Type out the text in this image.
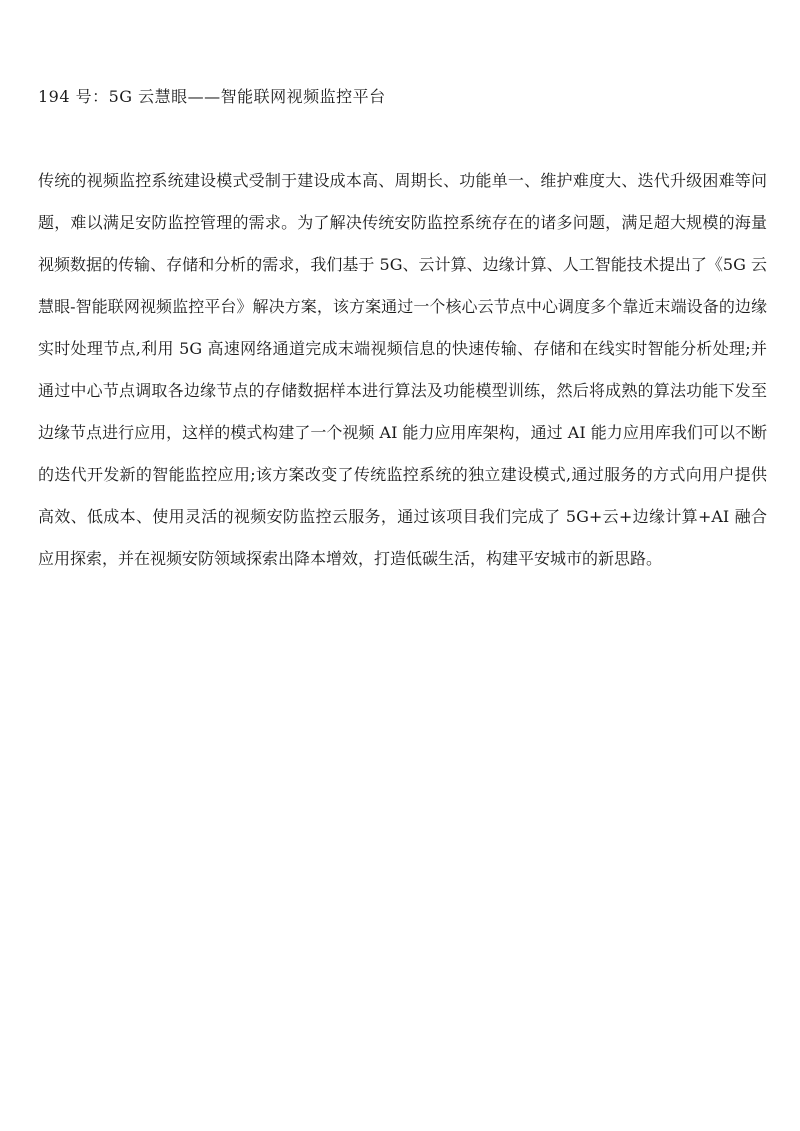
194 号：5G 云慧眼——智能联网视频监控平台

传统的视频监控系统建设模式受制于建设成本高、周期长、功能单一、维护难度大、迭代升级困难等问题，难以满足安防监控管理的需求。为了解决传统安防监控系统存在的诸多问题，满足超大规模的海量视频数据的传输、存储和分析的需求，我们基于 5G、云计算、边缘计算、人工智能技术提出了《5G 云慧眼-智能联网视频监控平台》解决方案，该方案通过一个核心云节点中心调度多个靠近末端设备的边缘实时处理节点,利用 5G 高速网络通道完成末端视频信息的快速传输、存储和在线实时智能分析处理;并通过中心节点调取各边缘节点的存储数据样本进行算法及功能模型训练，然后将成熟的算法功能下发至边缘节点进行应用，这样的模式构建了一个视频 AI 能力应用库架构，通过 AI 能力应用库我们可以不断的迭代开发新的智能监控应用;该方案改变了传统监控系统的独立建设模式,通过服务的方式向用户提供高效、低成本、使用灵活的视频安防监控云服务，通过该项目我们完成了 5G+云+边缘计算+AI 融合应用探索，并在视频安防领域探索出降本增效，打造低碳生活，构建平安城市的新思路。
